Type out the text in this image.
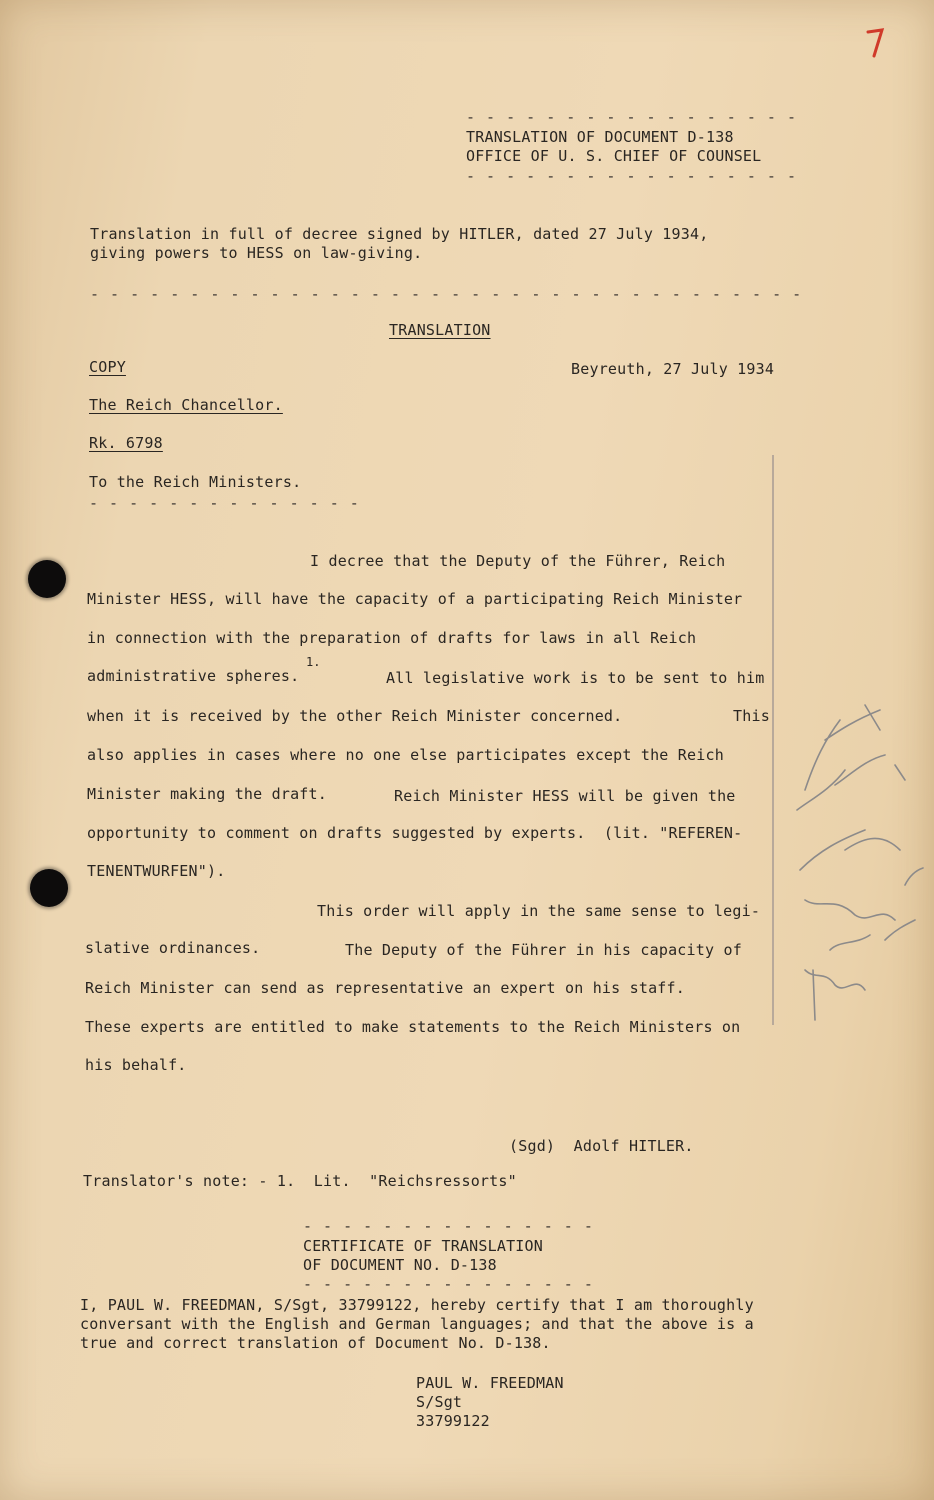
- - - - - - - - - - - - - - - - -
TRANSLATION OF DOCUMENT D-138
OFFICE OF U. S. CHIEF OF COUNSEL
- - - - - - - - - - - - - - - - -
Translation in full of decree signed by HITLER, dated 27 July 1934,
giving powers to HESS on law-giving.
- - - - - - - - - - - - - - - - - - - - - - - - - - - - - - - - - - - -
TRANSLATION
COPY	Beyreuth, 27 July 1934
The Reich Chancellor.
Rk. 6798
To the Reich Ministers.
- - - - - - - - - - - - - -
I decree that the Deputy of the Führer, Reich
Minister HESS, will have the capacity of a participating Reich Minister
in connection with the preparation of drafts for laws in all Reich
administrative spheres.
1.
All legislative work is to be sent to him
when it is received by the other Reich Minister concerned.	This
also applies in cases where no one else participates except the Reich
Minister making the draft.	Reich Minister HESS will be given the
opportunity to comment on drafts suggested by experts.  (lit. "REFEREN-
TENENTWURFEN").
This order will apply in the same sense to legi-
slative ordinances.	The Deputy of the Führer in his capacity of
Reich Minister can send as representative an expert on his staff.
These experts are entitled to make statements to the Reich Ministers on
his behalf.
(Sgd)  Adolf HITLER.
Translator's note: - 1.  Lit.  "Reichsressorts"
- - - - - - - - - - - - - - -
CERTIFICATE OF TRANSLATION
OF DOCUMENT NO. D-138
- - - - - - - - - - - - - - -
I, PAUL W. FREEDMAN, S/Sgt, 33799122, hereby certify that I am thoroughly
conversant with the English and German languages; and that the above is a
true and correct translation of Document No. D-138.
PAUL W. FREEDMAN
S/Sgt
33799122
